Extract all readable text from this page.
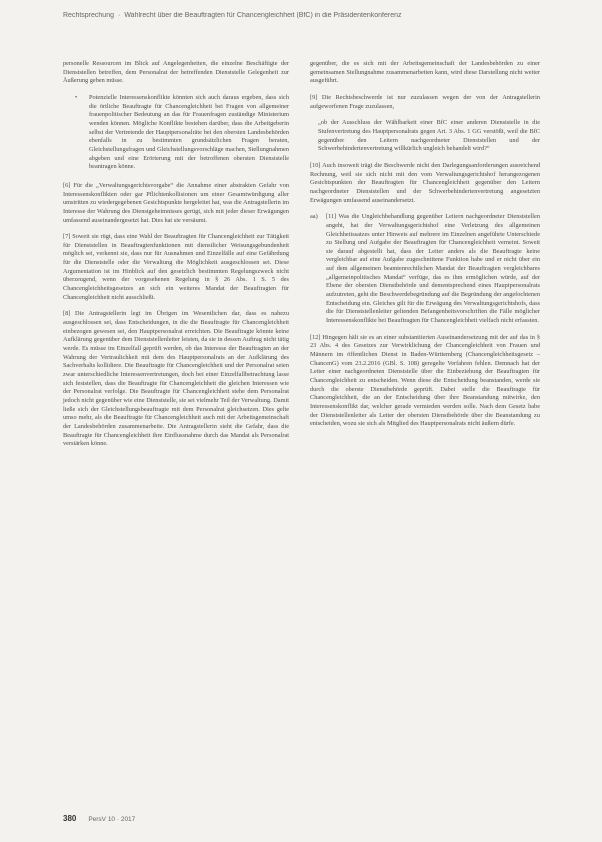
Rechtsprechung · Wahlrecht über die Beauftragten für Chancengleichheit (BfC) in die Präsidentenkonferenz

personelle Ressourcen im Blick auf Angelegenheiten, die einzelne Beschäftigte der Dienststellen betreffen, dem Personalrat der betreffenden Dienststelle Gelegenheit zur Äußerung geben müsse.

• Potenzielle Interessenskonflikte könnten sich auch daraus ergeben, dass sich die örtliche Beauftragte für Chancengleichheit bei Fragen von allgemeiner frauenpolitischer Bedeutung an das für Frauenfragen zuständige Ministerium wenden können. Mögliche Konflikte bestehen darüber, dass die Arbeitgeberin selbst der Vertretende der Hauptpersonalräte bei den obersten Landesbehörden ebenfalls in zu bestimmten grundsätzlichen Fragen beraten, Gleichstellungsfragen und Gleichstellungsvorschläge machen, Stellungnahmen abgeben und eine Erörterung mit der betroffenen obersten Dienststelle beantragen könne.

[6] Für die „Verwaltungsgerichtsvorgabe“ die Annahme einer abstrakten Gefahr von Interessenskonflikten oder gar Pflichtenkollisionen um einer Gesamtwürdigung aller umstritten zu wiedergegebenen Gesichtspunkte hergeleitet hat, was die Antragstellerin im Interesse der Wahrung des Dienstgeheimnisses gerügt, sich mit jeder dieser Erwägungen umfassend auseinandergesetzt hat. Dies hat sie versäumt.

[7] Soweit sie rügt, dass eine Wahl der Beauftragten für Chancengleichheit zur Tätigkeit für Dienststellen in Beauftragtenfunktionen mit dienstlicher Weisungsgebundenheit möglich sei, verkennt sie, dass nur für Ausnahmen und Einzelfälle auf eine Gefährdung für die Dienststelle oder die Verwaltung die Möglichkeit ausgeschlossen sei. Diese Argumentation ist im Hinblick auf den gesetzlich bestimmten Regelungszweck nicht überzeugend, wenn der vorgesehenen Regelung in § 26 Abs. 1 S. 5 des Chancengleichheitsgesetzes an sich ein weiteres Mandat der Beauftragten für Chancengleichheit nicht ausschließt.

[8] Die Antragstellerin legt im Übrigen im Wesentlichen dar, dass es nahezu ausgeschlossen sei, dass Entscheidungen, in die die Beauftragte für Chancengleichheit einbezogen gewesen sei, den Hauptpersonalrat erreichten. Die Beauftragte könnte keine Aufklärung gegenüber dem Dienststellenleiter leisten, da sie in dessen Auftrag nicht tätig werde. Es müsse im Einzelfall geprüft werden, ob das Interesse der Beauftragten an der Wahrung der Vertraulichkeit mit dem des Hauptpersonalrats an der Aufklärung des Sachverhalts kollidiere. Die Beauftragte für Chancengleichheit und der Personalrat seien zwar unterschiedliche Interessenvertretungen, doch bei einer Einzelfallbetrachtung lasse sich feststellen, dass die Beauftragte für Chancengleichheit die gleichen Interessen wie der Personalrat verfolge. Die Beauftragte für Chancengleichheit stehe dem Personalrat jedoch nicht gegenüber wie eine Dienststelle, sie sei vielmehr Teil der Verwaltung. Damit ließe sich der Gleichstellungsbeauftragte mit dem Personalrat gleichsetzen. Dies gelte umso mehr, als die Beauftragte für Chancengleichheit auch mit der Arbeitsgemeinschaft der Landesbehörden zusammenarbeite. Die Antragstellerin sieht die Gefahr, dass die Beauftragte für Chancengleichheit ihre Einflussnahme durch das Mandat als Personalrat verstärken könne.

gegenüber, die es sich mit der Arbeitsgemeinschaft der Landesbehörden zu einer gemeinsamen Stellungnahme zusammenarbeiten kann, wird diese Darstellung nicht weiter ausgeführt.

[9] Die Rechtsbeschwerde ist nur zuzulassen wegen der von der Antragstellerin aufgeworfenen Frage zuzulassen,

„ob der Ausschluss der Wählbarkeit einer BfC einer anderen Dienststelle in die Stufenvertretung des Hauptpersonalrats gegen Art. 3 Abs. 1 GG verstößt, weil die BfC gegenüber den Leitern nachgeordneter Dienststellen und der Schwerbehindertenvertretung willkürlich ungleich behandelt wird?“

[10] Auch insoweit trägt die Beschwerde nicht den Darlegungsanforderungen ausreichend Rechnung, weil sie sich nicht mit den vom Verwaltungsgerichtshof herangezogenen Gesichtspunkten der Beauftragten für Chancengleichheit gegenüber den Leitern nachgeordneter Dienststellen und der Schwerbehindertenvertretung angesetzten Erwägungen umfassend auseinandersetzt.

aa) [11] Was die Ungleichbehandlung gegenüber Leitern nachgeordneter Dienststellen angeht, hat der Verwaltungsgerichtshof eine Verletzung des allgemeinen Gleichheitssatzes unter Hinweis auf mehrere im Einzelnen angeführte Unterschiede zu Stellung und Aufgabe der Beauftragten für Chancengleichheit verneint. Soweit sie darauf abgestellt hat, dass der Leiter anders als die Beauftragte keine vergleichbar auf eine Aufgabe zugeschnittene Funktion habe und er nicht über ein auf dem allgemeinen beamtenrechtlichen Mandat der Beauftragten vergleichbares „allgemeinpolitisches Mandat“ verfüge, das es ihm ermöglichen würde, auf der Ebene der obersten Dienstbehörde und dementsprechend eines Hauptpersonalrats aufzutreten, geht die Beschwerdebegründung auf die Begründung der angefochtenen Entscheidung ein. Gleiches gilt für die Erwägung des Verwaltungsgerichtshofs, dass die für Dienststellenleiter geltenden Befangenheitsvorschriften die Fälle möglicher Interessenskonflikte bei Beauftragten für Chancengleichheit vielfach nicht erfassten.

[12] Hingegen hält sie es an einer substantiierten Auseinandersetzung mit der auf das in § 23 Abs. 4 des Gesetzes zur Verwirklichung der Chancengleichheit von Frauen und Männern im öffentlichen Dienst in Baden-Württemberg (Chancengleichheitsgesetz – ChancenG) vom 23.2.2016 (GBl. S. 108) geregelte Verfahren fehlen. Demnach hat der Leiter einer nachgeordneten Dienststelle über die Einbeziehung der Beauftragten für Chancengleichheit zu entscheiden. Wenn diese die Entscheidung beanstanden, werde sie durch die oberste Dienstbehörde geprüft. Dabei stelle die Beauftragte für Chancengleichheit, die an der Entscheidung über ihre Beanstandung mitwirke, den Interessenskonflikt dar, welcher gerade vermieden werden solle. Nach dem Gesetz habe der Dienststellenleiter als Leiter der obersten Dienstbehörde über die Beanstandung zu entscheiden, wozu sie sich als Mitglied des Hauptpersonalrats nicht äußern dürfe.

380 PersV 10 · 2017
